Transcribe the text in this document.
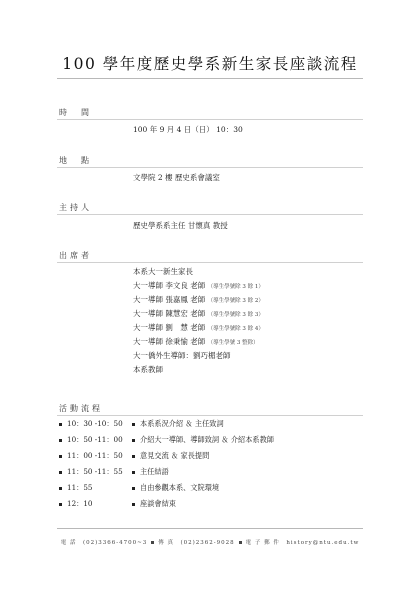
100 學年度歷史學系新生家長座談流程
時　間
100 年 9 月 4 日（日） 10：30
地　點
文學院 2 樓 歷史系會議室
主持人
歷史學系系主任 甘懷真 教授
出席者
本系大一新生家長
大一導師 李文良 老師 （導生學號除 3 餘 1）
大一導師 張嘉鳳 老師 （導生學號除 3 餘 2）
大一導師 陳慧宏 老師 （導生學號除 3 餘 3）
大一導師 劉　慧 老師 （導生學號除 3 餘 4）
大一導師 徐秉愉 老師 （導生學號 3 整除）
大一僑外生導師：劉巧楣老師
本系教師
活動流程
10：30 -10：50	本系系況介紹 ＆ 主任致詞
10：50 -11：00	介紹大一導師、導師致詞 ＆ 介紹本系教師
11：00 -11：50	意見交流 ＆ 家長提問
11：50 -11：55	主任結語
11：55	自由參觀本系、文院環境
12：10	座談會結束
電 話　(02)3366-4700~3 傳 真　(02)2362-9028 電 子 郵 件　history@ntu.edu.tw
